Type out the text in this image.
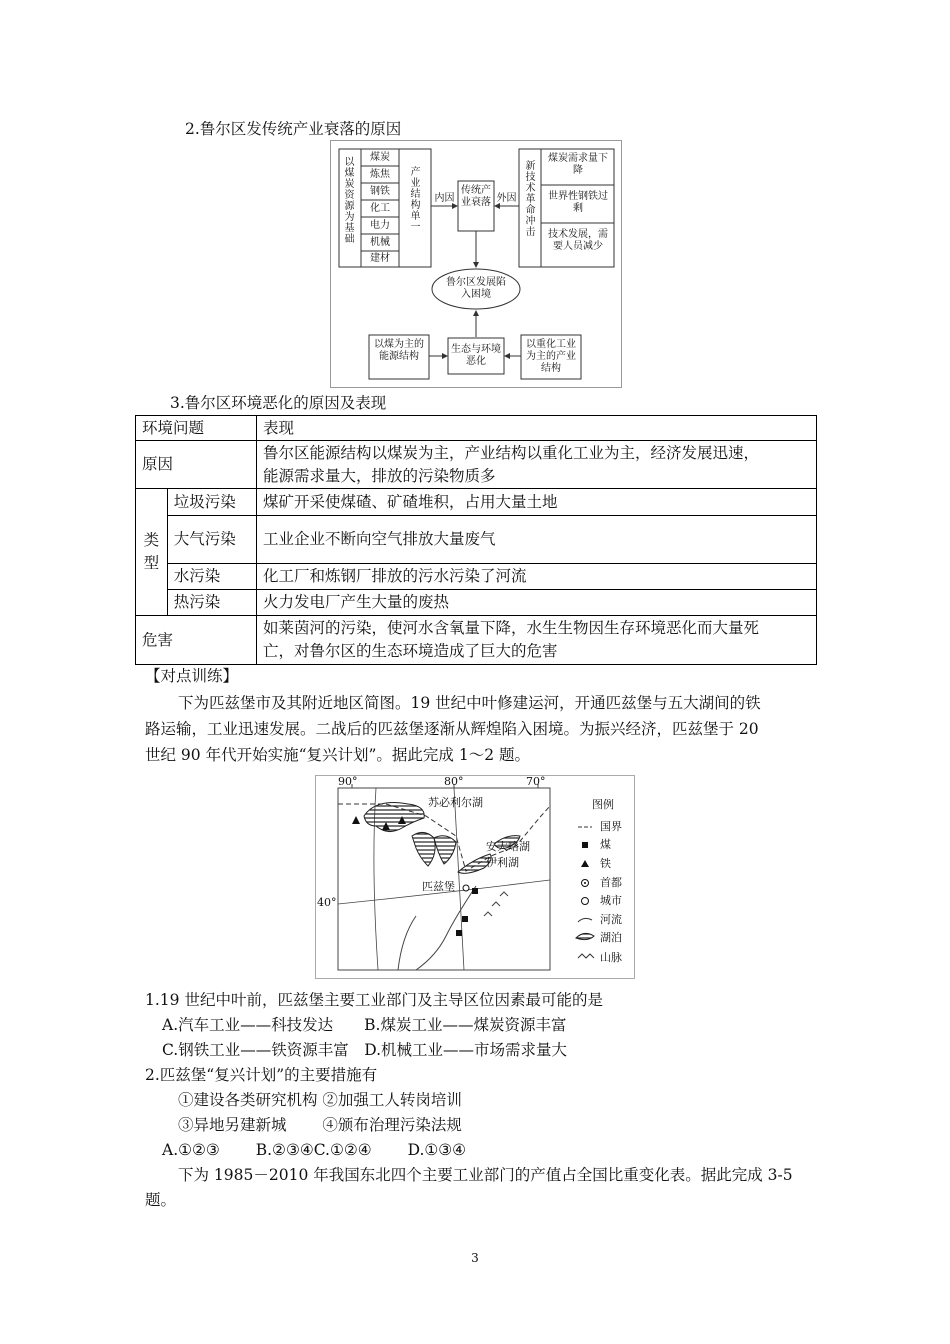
2.鲁尔区发传统产业衰落的原因
以煤炭资源为基础
煤炭
炼焦
钢铁
化工
电力
机械
建材
产业结构单一
内因
传统产业衰落 外因
新技术革命冲击
煤炭需求量下降
世界性钢铁过剩
技术发展，需要人员减少
鲁尔区发展陷入困境
以煤为主的能源结构
生态与环境恶化
以重化工业为主的产业结构
3.鲁尔区环境恶化的原因及表现
环境问题		表现
原因		鲁尔区能源结构以煤炭为主，产业结构以重化工业为主，经济发展迅速，
能源需求量大，排放的污染物质多

类
型	垃圾污染	煤矿开采使煤碴、矿碴堆积，占用大量土地
	大气污染	工业企业不断向空气排放大量废气
	水污染	化工厂和炼钢厂排放的污水污染了河流
	热污染	火力发电厂产生大量的废热
危害		如莱茵河的污染，使河水含氧量下降，水生生物因生存环境恶化而大量死
亡，对鲁尔区的生态环境造成了巨大的危害
【对点训练】
下为匹兹堡市及其附近地区简图。19 世纪中叶修建运河，开通匹兹堡与五大湖间的铁
路运输，工业迅速发展。二战后的匹兹堡逐渐从辉煌陷入困境。为振兴经济，匹兹堡于 20
世纪 90 年代开始实施“复兴计划”。据此完成 1～2 题。
90°	80°	70°
40°
苏必利尔湖
安大略湖
伊利湖
匹兹堡
图例
国界
煤
铁
首都
城市
河流
湖泊
山脉
1.19 世纪中叶前，匹兹堡主要工业部门及主导区位因素最可能的是
A.汽车工业——科技发达　　B.煤炭工业——煤炭资源丰富
C.钢铁工业——铁资源丰富　D.机械工业——市场需求量大
2.匹兹堡“复兴计划”的主要措施有
①建设各类研究机构 ②加强工人转岗培训
③异地另建新城　　 ④颁布治理污染法规
A.①②③　　 B.②③④C.①②④　　 D.①③④
下为 1985－2010 年我国东北四个主要工业部门的产值占全国比重变化表。据此完成 3-5
题。
3
